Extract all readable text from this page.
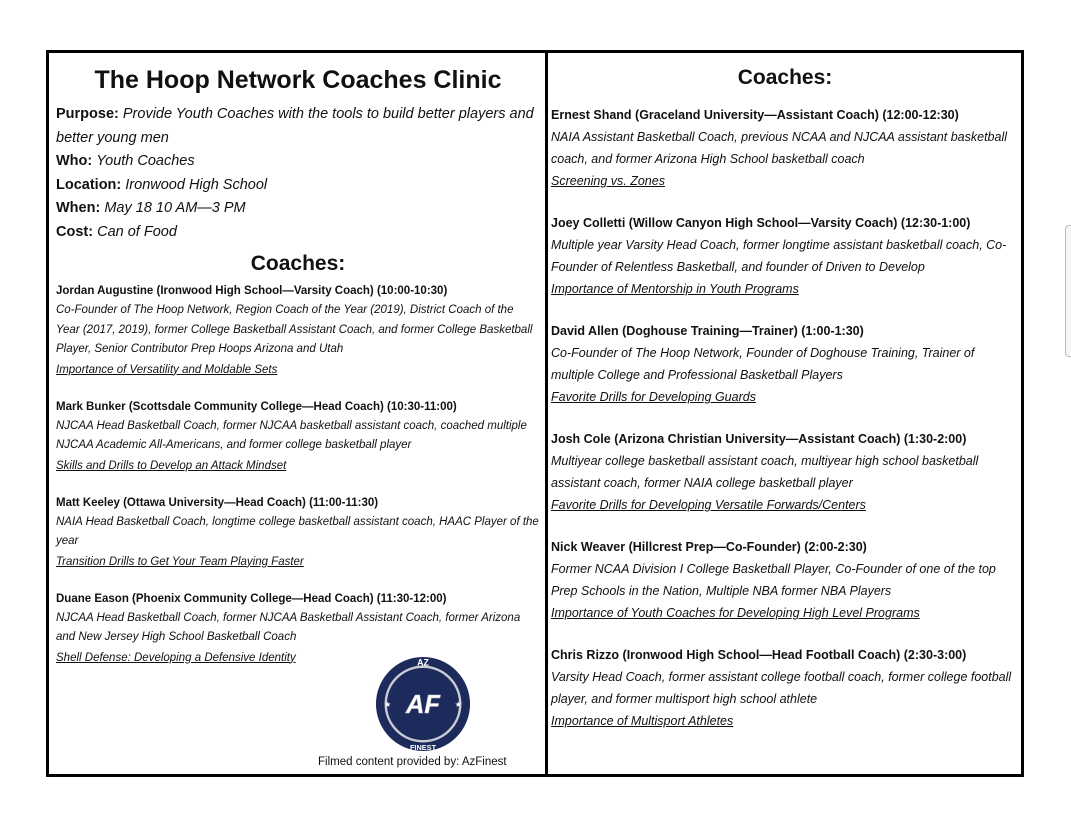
The Hoop Network Coaches Clinic

Purpose: Provide Youth Coaches with the tools to build better players and better young men

Who: Youth Coaches

Location: Ironwood High School

When: May 18 10 AM—3 PM

Cost: Can of Food

Coaches:

Jordan Augustine (Ironwood High School—Varsity Coach) (10:00-10:30)

Co-Founder of The Hoop Network, Region Coach of the Year (2019), District Coach of the Year (2017, 2019), former College Basketball Assistant Coach, and former College Basketball Player, Senior Contributor Prep Hoops Arizona and Utah

Importance of Versatility and Moldable Sets

Mark Bunker (Scottsdale Community College—Head Coach) (10:30-11:00)

NJCAA Head Basketball Coach, former NJCAA basketball assistant coach, coached multiple NJCAA Academic All-Americans, and former college basketball player

Skills and Drills to Develop an Attack Mindset

Matt Keeley (Ottawa University—Head Coach) (11:00-11:30)

NAIA Head Basketball Coach, longtime college basketball assistant coach, HAAC Player of the year

Transition Drills to Get Your Team Playing Faster

Duane Eason (Phoenix Community College—Head Coach) (11:30-12:00)

NJCAA Head Basketball Coach, former NJCAA Basketball Assistant Coach, former Arizona and New Jersey High School Basketball Coach

Shell Defense: Developing a Defensive Identity	AZ
FINEST
AF
★	★
Filmed content provided by: AzFinest
Coaches:

Ernest Shand (Graceland University—Assistant Coach) (12:00-12:30)

NAIA Assistant Basketball Coach, previous NCAA and NJCAA assistant basketball coach, and former Arizona High School basketball coach

Screening vs. Zones

Joey Colletti (Willow Canyon High School—Varsity Coach) (12:30-1:00)

Multiple year Varsity Head Coach, former longtime assistant basketball coach, Co-Founder of Relentless Basketball, and founder of Driven to Develop

Importance of Mentorship in Youth Programs

David Allen (Doghouse Training—Trainer) (1:00-1:30)

Co-Founder of The Hoop Network, Founder of Doghouse Training, Trainer of multiple College and Professional Basketball Players

Favorite Drills for Developing Guards

Josh Cole (Arizona Christian University—Assistant Coach) (1:30-2:00)

Multiyear college basketball assistant coach, multiyear high school basketball assistant coach, former NAIA college basketball player

Favorite Drills for Developing Versatile Forwards/Centers

Nick Weaver (Hillcrest Prep—Co-Founder) (2:00-2:30)

Former NCAA Division I College Basketball Player, Co-Founder of one of the top Prep Schools in the Nation, Multiple NBA former NBA Players

Importance of Youth Coaches for Developing High Level Programs

Chris Rizzo (Ironwood High School—Head Football Coach) (2:30-3:00)

Varsity Head Coach, former assistant college football coach, former college football player, and former multisport high school athlete

Importance of Multisport Athletes
